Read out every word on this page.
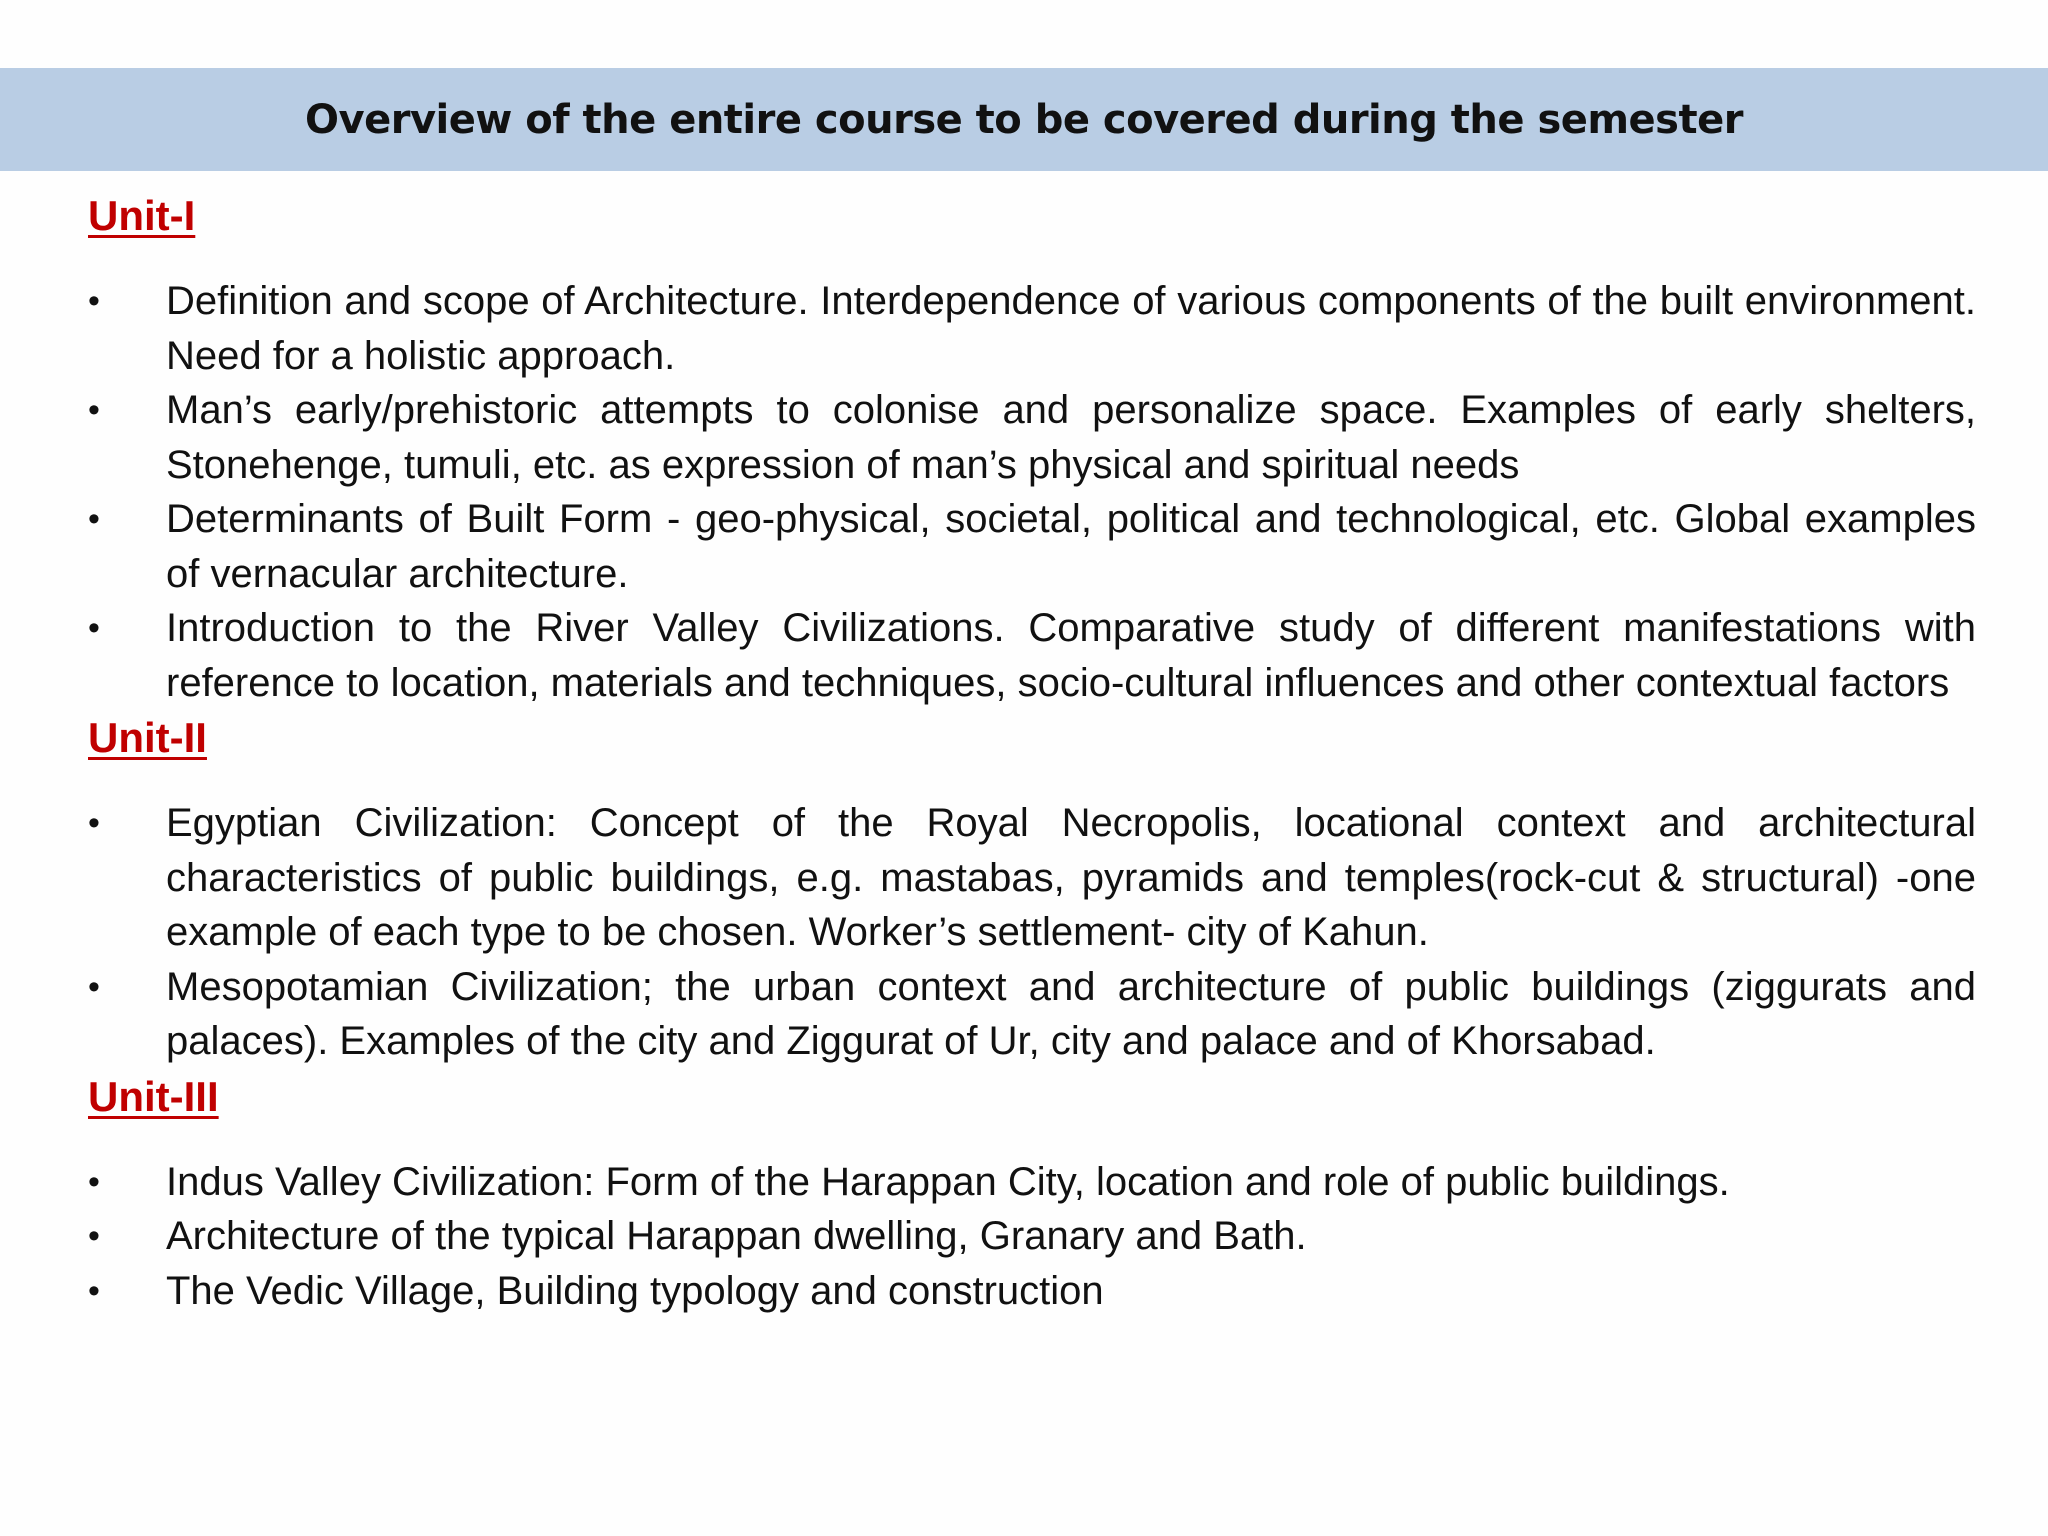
Overview of the entire course to be covered during the semester
Unit-I
• Definition and scope of Architecture. Interdependence of various components of the built environment. Need for a holistic approach.
• Man’s early/prehistoric attempts to colonise and personalize space. Examples of early shelters, Stonehenge, tumuli, etc. as expression of man’s physical and spiritual needs
• Determinants of Built Form - geo-physical, societal, political and technological, etc. Global examples of vernacular architecture.
• Introduction to the River Valley Civilizations. Comparative study of different manifestations with reference to location, materials and techniques, socio-cultural influences and other contextual factors
Unit-II
• Egyptian Civilization: Concept of the Royal Necropolis, locational context and architectural characteristics of public buildings, e.g. mastabas, pyramids and temples(rock-cut & structural) -one example of each type to be chosen. Worker’s settlement- city of Kahun.
• Mesopotamian Civilization; the urban context and architecture of public buildings (ziggurats and palaces). Examples of the city and Ziggurat of Ur, city and palace and of Khorsabad.
Unit-III
• Indus Valley Civilization: Form of the Harappan City, location and role of public buildings.
• Architecture of the typical Harappan dwelling, Granary and Bath.
• The Vedic Village, Building typology and construction
